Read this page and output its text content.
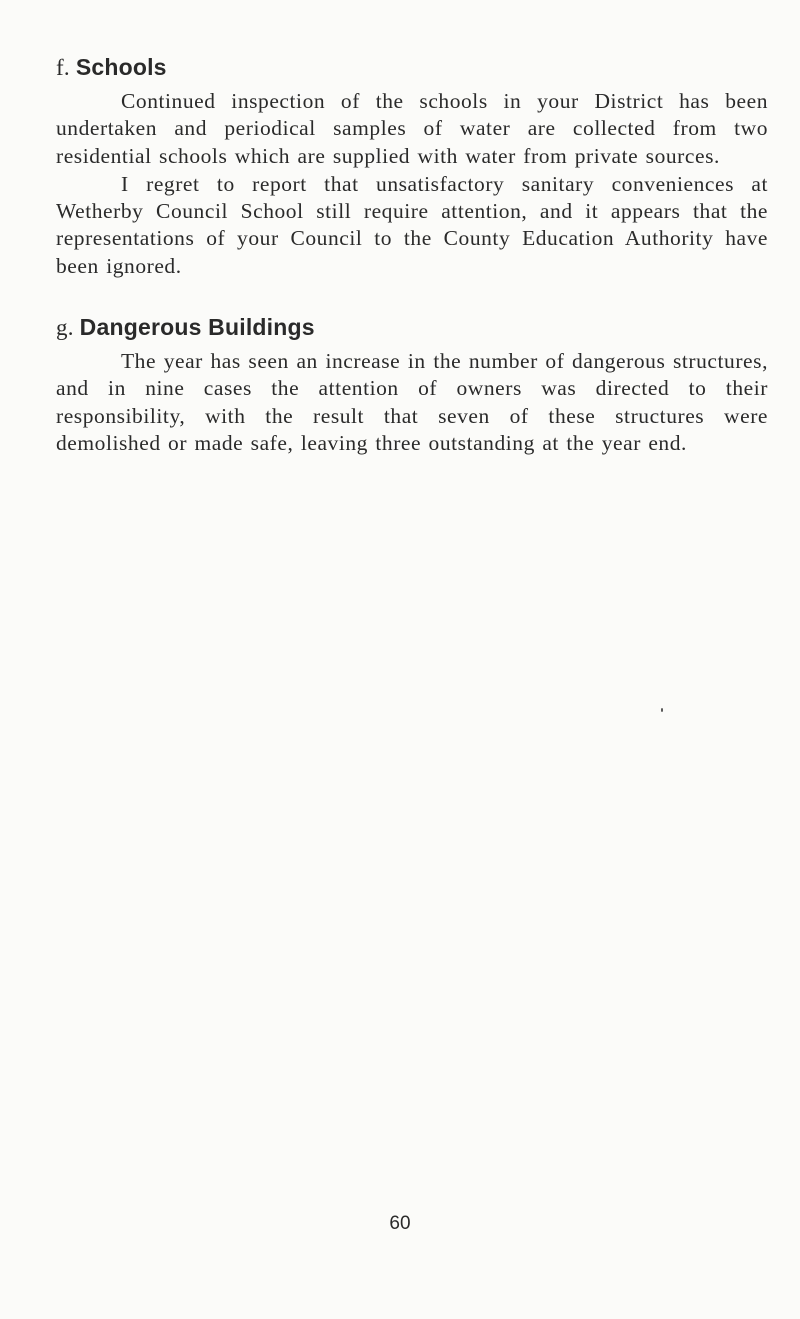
f. Schools

Continued inspection of the schools in your District has been undertaken and periodical samples of water are collected from two residential schools which are supplied with water from private sources.

I regret to report that unsatisfactory sanitary conveniences at Wetherby Council School still require attention, and it appears that the representations of your Council to the County Education Authority have been ignored.

g. Dangerous Buildings

The year has seen an increase in the number of dangerous structures, and in nine cases the attention of owners was directed to their responsibility, with the result that seven of these structures were demolished or made safe, leaving three outstanding at the year end.

60
